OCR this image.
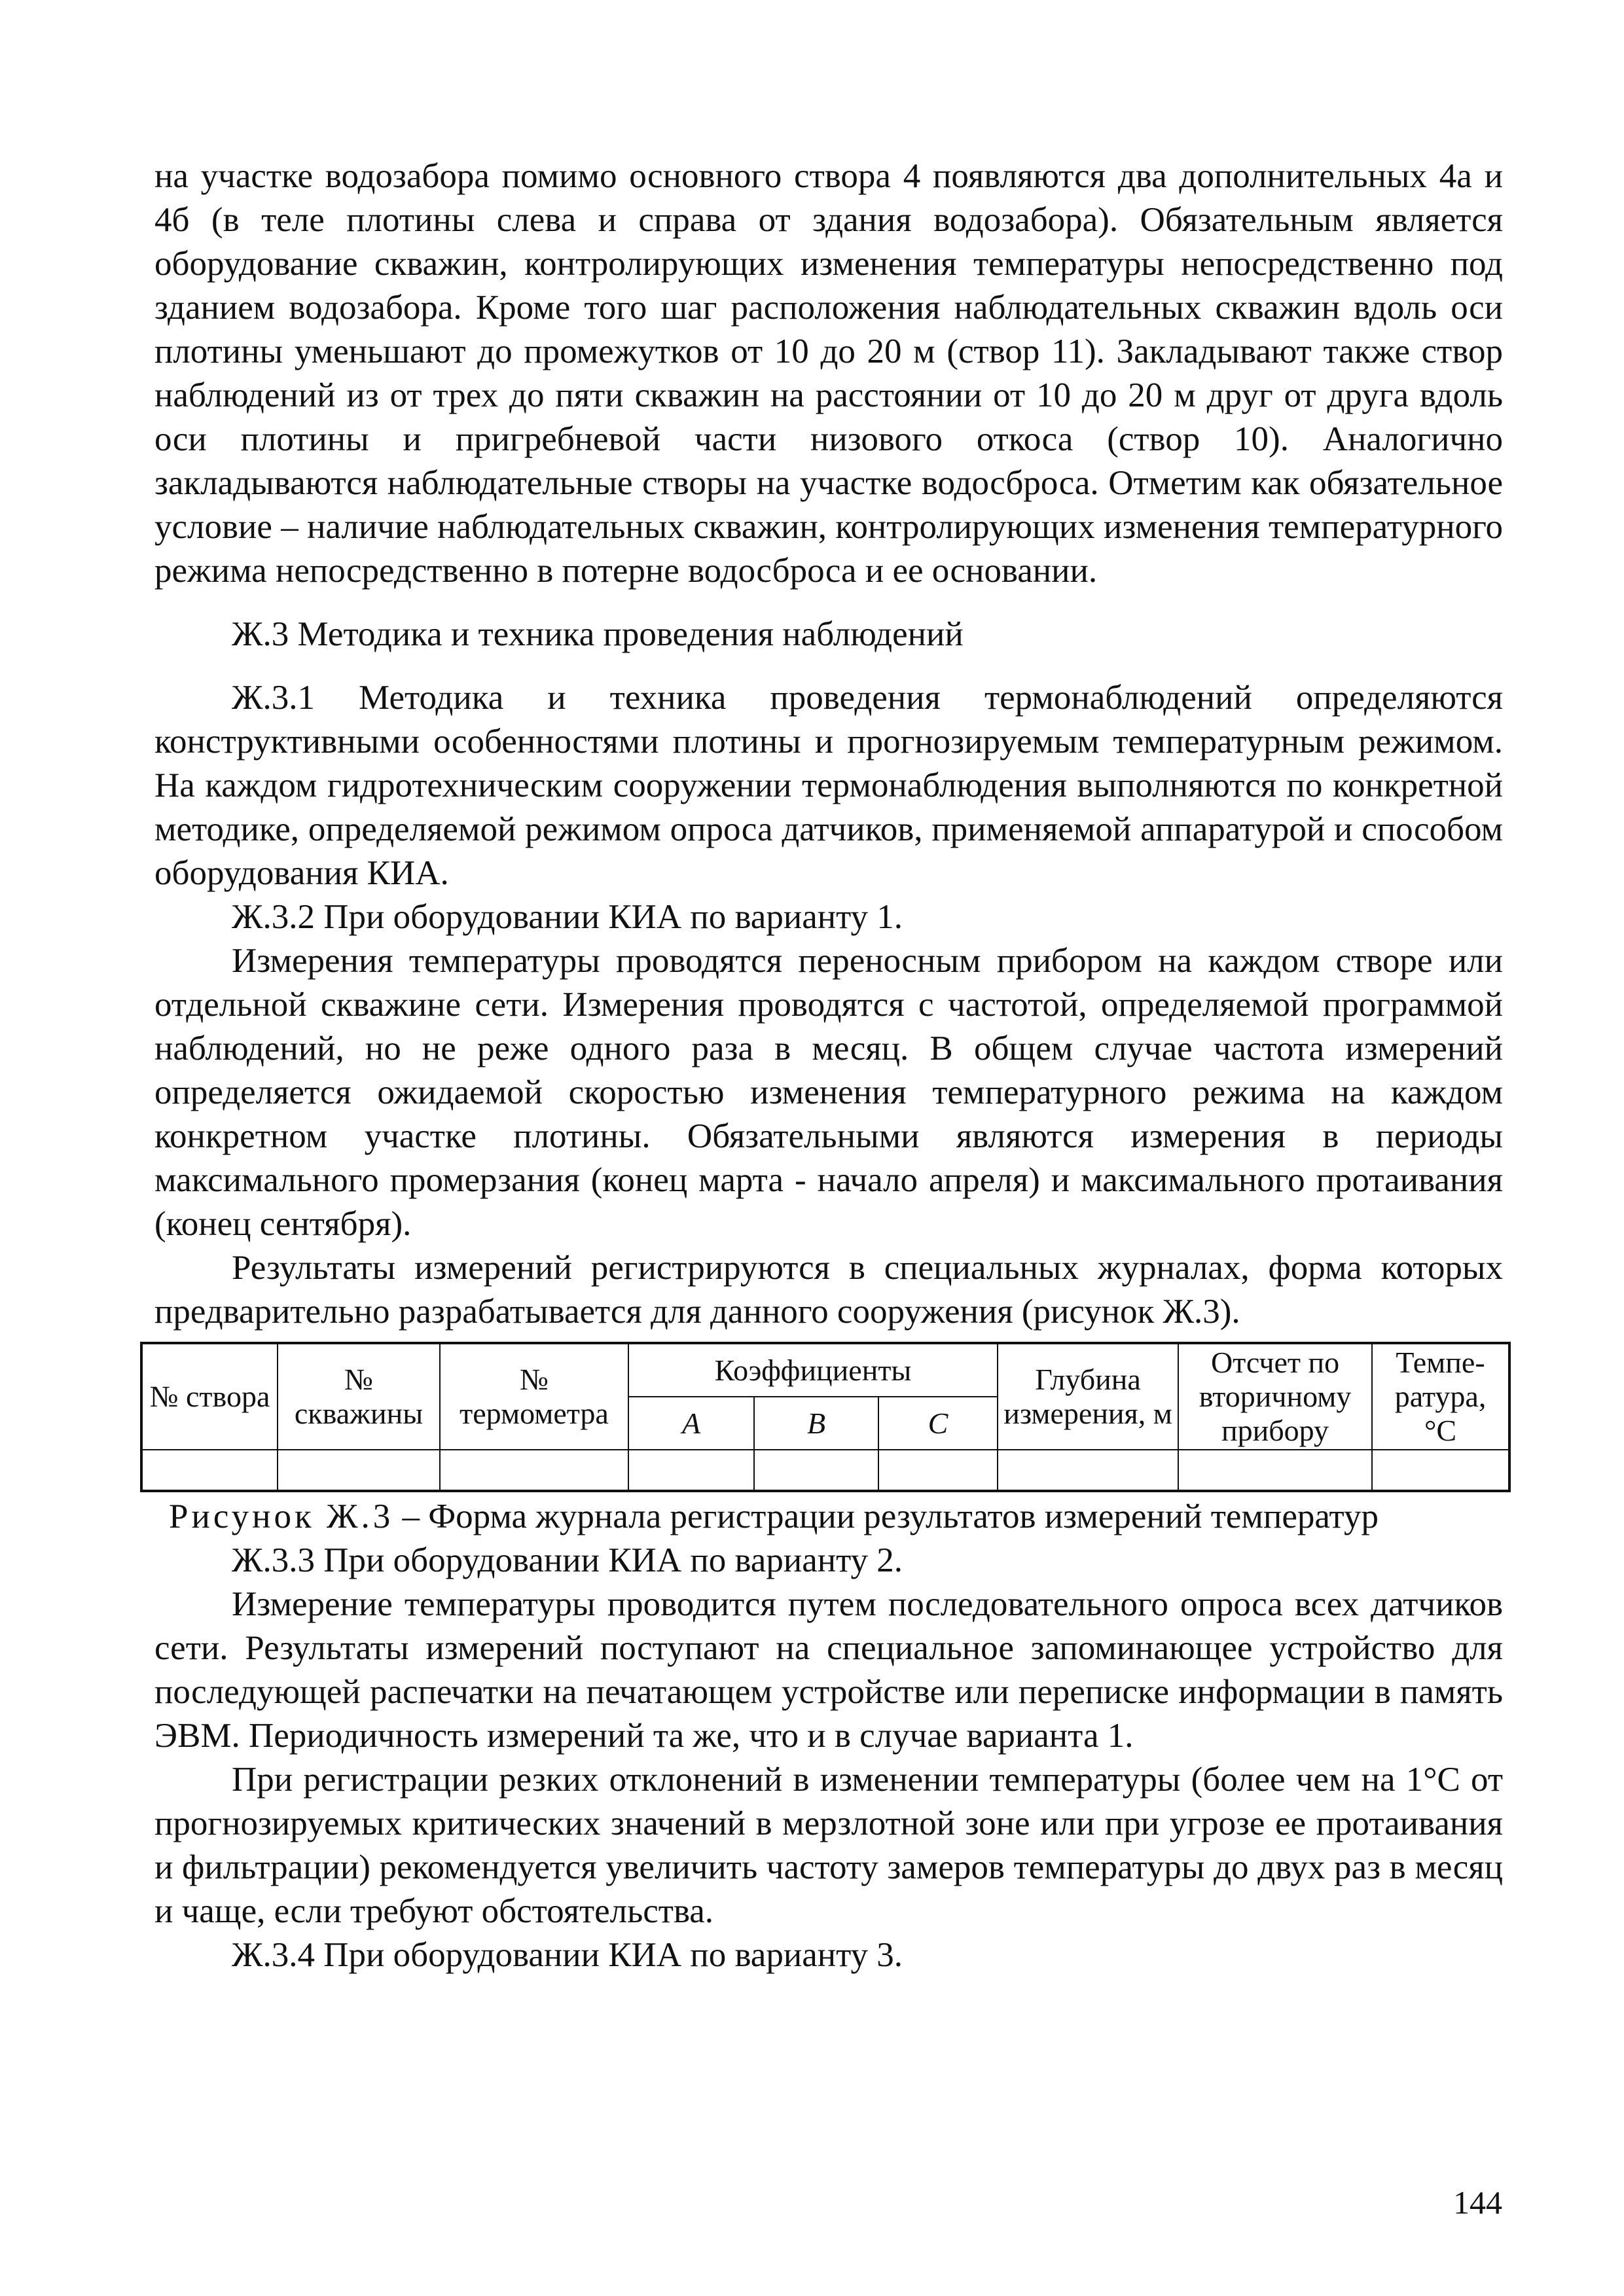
на участке водозабора помимо основного створа 4 появляются два дополнительных 4а и 4б (в теле плотины слева и справа от здания водозабора). Обязательным является оборудование скважин, контролирующих изменения температуры непосредственно под зданием водозабора. Кроме того шаг расположения наблюдательных скважин вдоль оси плотины уменьшают до промежутков от 10 до 20 м (створ 11). Закладывают также створ наблюдений из от трех до пяти скважин на расстоянии от 10 до 20 м друг от друга вдоль оси плотины и пригребневой части низового откоса (створ 10). Аналогично закладываются наблюдательные створы на участке водосброса. Отметим как обязательное условие – наличие наблюдательных скважин, контролирующих изменения температурного режима непосредственно в потерне водосброса и ее основании.

Ж.3 Методика и техника проведения наблюдений

Ж.3.1 Методика и техника проведения термонаблюдений определяются конструктивными особенностями плотины и прогнозируемым температурным режимом. На каждом гидротехническим сооружении термонаблюдения выполняются по конкретной методике, определяемой режимом опроса датчиков, применяемой аппаратурой и способом оборудования КИА.

Ж.3.2 При оборудовании КИА по варианту 1.

Измерения температуры проводятся переносным прибором на каждом створе или отдельной скважине сети. Измерения проводятся с частотой, определяемой программой наблюдений, но не реже одного раза в месяц. В общем случае частота измерений определяется ожидаемой скоростью изменения температурного режима на каждом конкретном участке плотины. Обязательными являются измерения в периоды максимального промерзания (конец марта - начало апреля) и максимального протаивания (конец сентября).

Результаты измерений регистрируются в специальных журналах, форма которых предварительно разрабатывается для данного сооружения (рисунок Ж.3).

№ створа	№ скважины	№ термометра	Коэффициенты			Глубина измерения, м	Отсчет по вторичному прибору	Темпе-ратура, °С
			A	B	C			

Рисунок Ж.3 – Форма журнала регистрации результатов измерений температур

Ж.3.3 При оборудовании КИА по варианту 2.

Измерение температуры проводится путем последовательного опроса всех датчиков сети. Результаты измерений поступают на специальное запоминающее устройство для последующей распечатки на печатающем устройстве или переписке информации в память ЭВМ. Периодичность измерений та же, что и в случае варианта 1.

При регистрации резких отклонений в изменении температуры (более чем на 1°С от прогнозируемых критических значений в мерзлотной зоне или при угрозе ее протаивания и фильтрации) рекомендуется увеличить частоту замеров температуры до двух раз в месяц и чаще, если требуют обстоятельства.

Ж.3.4 При оборудовании КИА по варианту 3.

144
